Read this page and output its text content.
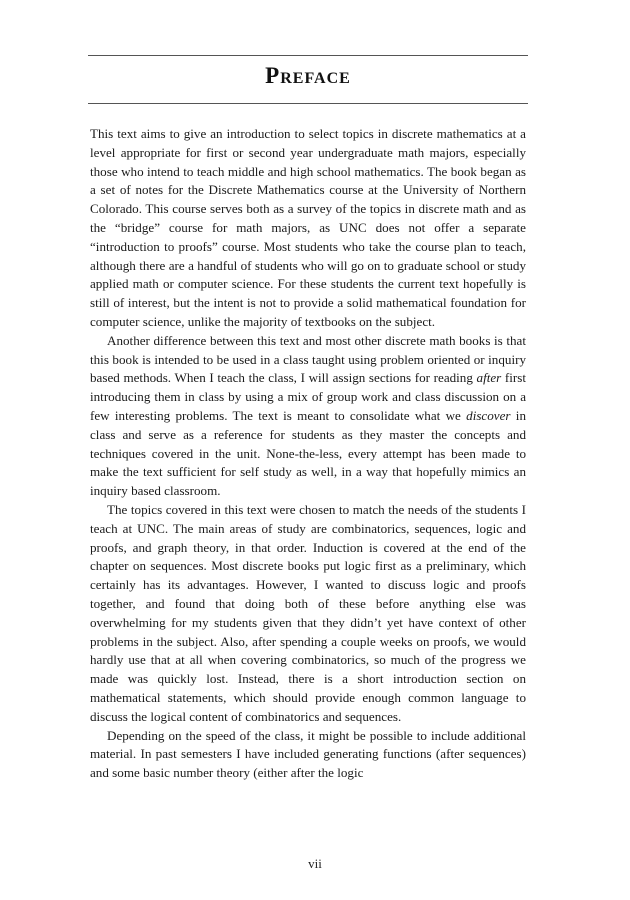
Preface

This text aims to give an introduction to select topics in discrete mathematics at a level appropriate for first or second year undergraduate math majors, especially those who intend to teach middle and high school mathematics. The book began as a set of notes for the Discrete Mathematics course at the University of Northern Colorado. This course serves both as a survey of the topics in discrete math and as the “bridge” course for math majors, as UNC does not offer a separate “introduction to proofs” course. Most students who take the course plan to teach, although there are a handful of students who will go on to graduate school or study applied math or computer science. For these students the current text hopefully is still of interest, but the intent is not to provide a solid mathematical foundation for computer science, unlike the majority of textbooks on the subject.

Another difference between this text and most other discrete math books is that this book is intended to be used in a class taught using problem oriented or inquiry based methods. When I teach the class, I will assign sections for reading after first introducing them in class by using a mix of group work and class discussion on a few interesting problems. The text is meant to consolidate what we discover in class and serve as a reference for students as they master the concepts and techniques covered in the unit. None-the-less, every attempt has been made to make the text sufficient for self study as well, in a way that hopefully mimics an inquiry based classroom.

The topics covered in this text were chosen to match the needs of the students I teach at UNC. The main areas of study are combinatorics, sequences, logic and proofs, and graph theory, in that order. Induction is covered at the end of the chapter on sequences. Most discrete books put logic first as a preliminary, which certainly has its advantages. However, I wanted to discuss logic and proofs together, and found that doing both of these before anything else was overwhelming for my students given that they didn’t yet have context of other problems in the subject. Also, after spending a couple weeks on proofs, we would hardly use that at all when covering combinatorics, so much of the progress we made was quickly lost. Instead, there is a short introduction section on mathematical statements, which should provide enough common language to discuss the logical content of combinatorics and sequences.

Depending on the speed of the class, it might be possible to include additional material. In past semesters I have included generating functions (after sequences) and some basic number theory (either after the logic

vii
